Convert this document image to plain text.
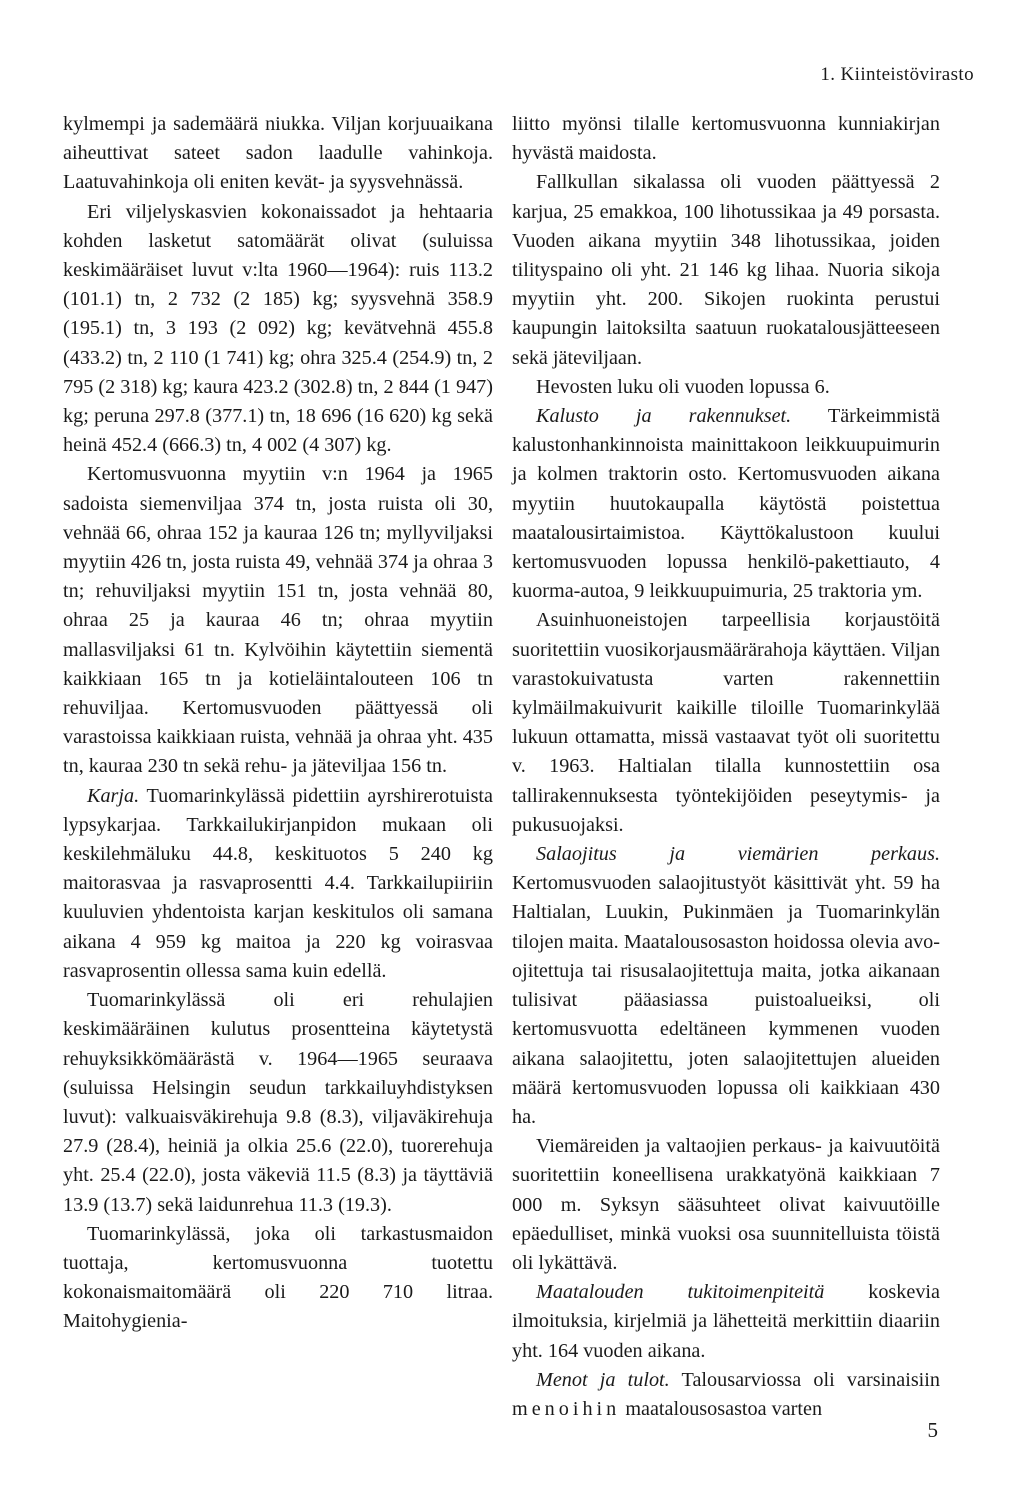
1. Kiinteistövirasto

kylmempi ja sademäärä niukka. Viljan korjuuaikana aiheuttivat sateet sadon laadulle vahinkoja. Laatuvahinkoja oli eniten kevät- ja syysvehnässä.

Eri viljelyskasvien kokonaissadot ja hehtaaria kohden lasketut satomäärät olivat (suluissa keskimääräiset luvut v:lta 1960—1964): ruis 113.2 (101.1) tn, 2 732 (2 185) kg; syysvehnä 358.9 (195.1) tn, 3 193 (2 092) kg; kevätvehnä 455.8 (433.2) tn, 2 110 (1 741) kg; ohra 325.4 (254.9) tn, 2 795 (2 318) kg; kaura 423.2 (302.8) tn, 2 844 (1 947) kg; peruna 297.8 (377.1) tn, 18 696 (16 620) kg sekä heinä 452.4 (666.3) tn, 4 002 (4 307) kg.

Kertomusvuonna myytiin v:n 1964 ja 1965 sadoista siemenviljaa 374 tn, josta ruista oli 30, vehnää 66, ohraa 152 ja kauraa 126 tn; myllyviljaksi myytiin 426 tn, josta ruista 49, vehnää 374 ja ohraa 3 tn; rehuviljaksi myytiin 151 tn, josta vehnää 80, ohraa 25 ja kauraa 46 tn; ohraa myytiin mallasviljaksi 61 tn. Kylvöihin käytettiin siementä kaikkiaan 165 tn ja kotieläintalouteen 106 tn rehuviljaa. Kertomusvuoden päättyessä oli varastoissa kaikkiaan ruista, vehnää ja ohraa yht. 435 tn, kauraa 230 tn sekä rehu- ja jäteviljaa 156 tn.

Karja. Tuomarinkylässä pidettiin ayrshirerotuista lypsykarjaa. Tarkkailukirjanpidon mukaan oli keskilehmäluku 44.8, keskituotos 5 240 kg maitorasvaa ja rasvaprosentti 4.4. Tarkkailupiiriin kuuluvien yhdentoista karjan keskitulos oli samana aikana 4 959 kg maitoa ja 220 kg voirasvaa rasvaprosentin ollessa sama kuin edellä.

Tuomarinkylässä oli eri rehulajien keskimääräinen kulutus prosentteina käytetystä rehuyksikkömäärästä v. 1964—1965 seuraava (suluissa Helsingin seudun tarkkailuyhdistyksen luvut): valkuaisväkirehuja 9.8 (8.3), viljaväkirehuja 27.9 (28.4), heiniä ja olkia 25.6 (22.0), tuorerehuja yht. 25.4 (22.0), josta väkeviä 11.5 (8.3) ja täyttäviä 13.9 (13.7) sekä laidunrehua 11.3 (19.3).

Tuomarinkylässä, joka oli tarkastusmaidon tuottaja, kertomusvuonna tuotettu kokonaismaitomäärä oli 220 710 litraa. Maitohygienia-

liitto myönsi tilalle kertomusvuonna kunniakirjan hyvästä maidosta.

Fallkullan sikalassa oli vuoden päättyessä 2 karjua, 25 emakkoa, 100 lihotussikaa ja 49 porsasta. Vuoden aikana myytiin 348 lihotussikaa, joiden tilityspaino oli yht. 21 146 kg lihaa. Nuoria sikoja myytiin yht. 200. Sikojen ruokinta perustui kaupungin laitoksilta saatuun ruokatalousjätteeseen sekä jäteviljaan.

Hevosten luku oli vuoden lopussa 6.

Kalusto ja rakennukset. Tärkeimmistä kalustonhankinnoista mainittakoon leikkuupuimurin ja kolmen traktorin osto. Kertomusvuoden aikana myytiin huutokaupalla käytöstä poistettua maatalousirtaimistoa. Käyttökalustoon kuului kertomusvuoden lopussa henkilö-pakettiauto, 4 kuorma-autoa, 9 leikkuupuimuria, 25 traktoria ym.

Asuinhuoneistojen tarpeellisia korjaustöitä suoritettiin vuosikorjausmäärärahoja käyttäen. Viljan varastokuivatusta varten rakennettiin kylmäilmakuivurit kaikille tiloille Tuomarinkylää lukuun ottamatta, missä vastaavat työt oli suoritettu v. 1963. Haltialan tilalla kunnostettiin osa tallirakennuksesta työntekijöiden peseytymis- ja pukusuojaksi.

Salaojitus ja viemärien perkaus. Kertomusvuoden salaojitustyöt käsittivät yht. 59 ha Haltialan, Luukin, Pukinmäen ja Tuomarinkylän tilojen maita. Maatalousosaston hoidossa olevia avo-ojitettuja tai risusalaojitettuja maita, jotka aikanaan tulisivat pääasiassa puistoalueiksi, oli kertomusvuotta edeltäneen kymmenen vuoden aikana salaojitettu, joten salaojitettujen alueiden määrä kertomusvuoden lopussa oli kaikkiaan 430 ha.

Viemäreiden ja valtaojien perkaus- ja kaivuutöitä suoritettiin koneellisena urakkatyönä kaikkiaan 7 000 m. Syksyn sääsuhteet olivat kaivuutöille epäedulliset, minkä vuoksi osa suunnitelluista töistä oli lykättävä.

Maatalouden tukitoimenpiteitä koskevia ilmoituksia, kirjelmiä ja lähetteitä merkittiin diaariin yht. 164 vuoden aikana.

Menot ja tulot. Talousarviossa oli varsinaisiin menoihin maatalousosastoa varten

5
